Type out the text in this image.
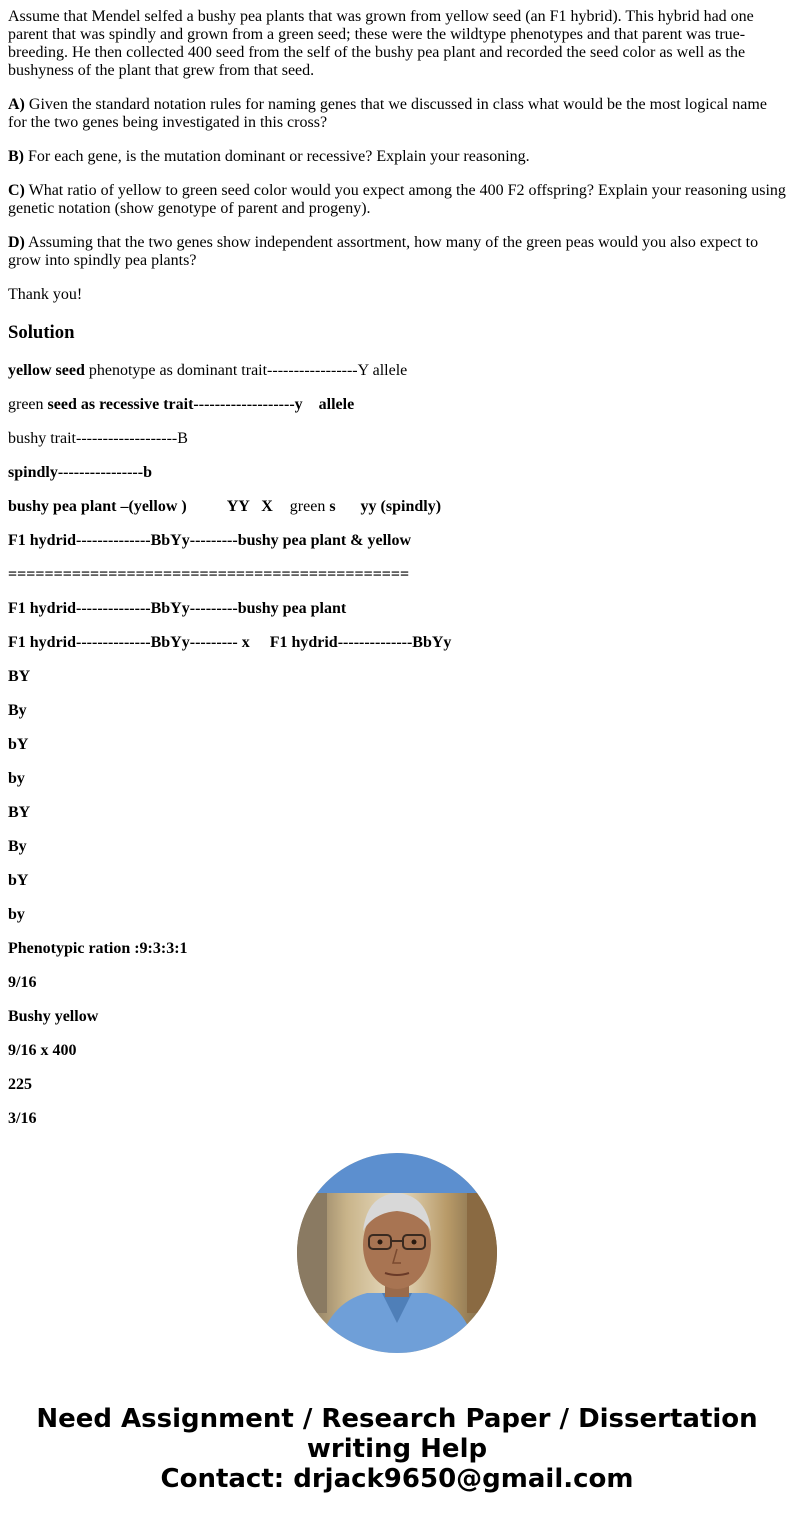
Assume that Mendel selfed a bushy pea plants that was grown from yellow seed (an F1 hybrid). This hybrid had one parent that was spindly and grown from a green seed; these were the wildtype phenotypes and that parent was true-breeding. He then collected 400 seed from the self of the bushy pea plant and recorded the seed color as well as the bushyness of the plant that grew from that seed.

A) Given the standard notation rules for naming genes that we discussed in class what would be the most logical name for the two genes being investigated in this cross?

B) For each gene, is the mutation dominant or recessive? Explain your reasoning.

C) What ratio of yellow to green seed color would you expect among the 400 F2 offspring? Explain your reasoning using genetic notation (show genotype of parent and progeny).

D) Assuming that the two genes show independent assortment, how many of the green peas would you also expect to grow into spindly pea plants?

Thank you!

Solution

yellow seed phenotype as dominant trait-----------------Y allele

green seed as recessive trait-------------------y    allele

bushy trait-------------------B

spindly----------------b

bushy pea plant –(yellow )	YY   X green s yy (spindly)

F1 hydrid--------------BbYy---------bushy pea plant & yellow

============================================

F1 hydrid--------------BbYy---------bushy pea plant

F1 hydrid--------------BbYy--------- x F1 hydrid--------------BbYy

BY

By

bY

by

BY

By

bY

by

Phenotypic ration :9:3:3:1

9/16

Bushy yellow

9/16 x 400

225

3/16

Need Assignment / Research Paper / Dissertation
writing Help
Contact: drjack9650@gmail.com
